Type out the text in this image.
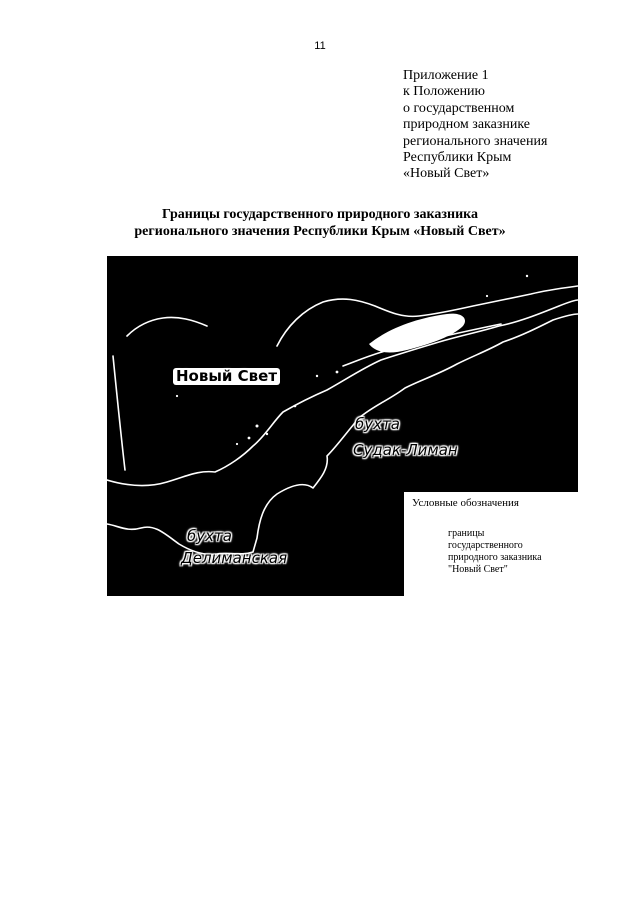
11
Приложение 1
к Положению
о государственном
природном заказнике
регионального значения
Республики Крым
«Новый Свет»
Границы государственного природного заказника
регионального значения Республики Крым «Новый Свет»
Новый Свет
бухта
Судак-Лиман
бухта
Делиманская
Условные обозначения
границы
государственного
природного заказника
"Новый Свет"
